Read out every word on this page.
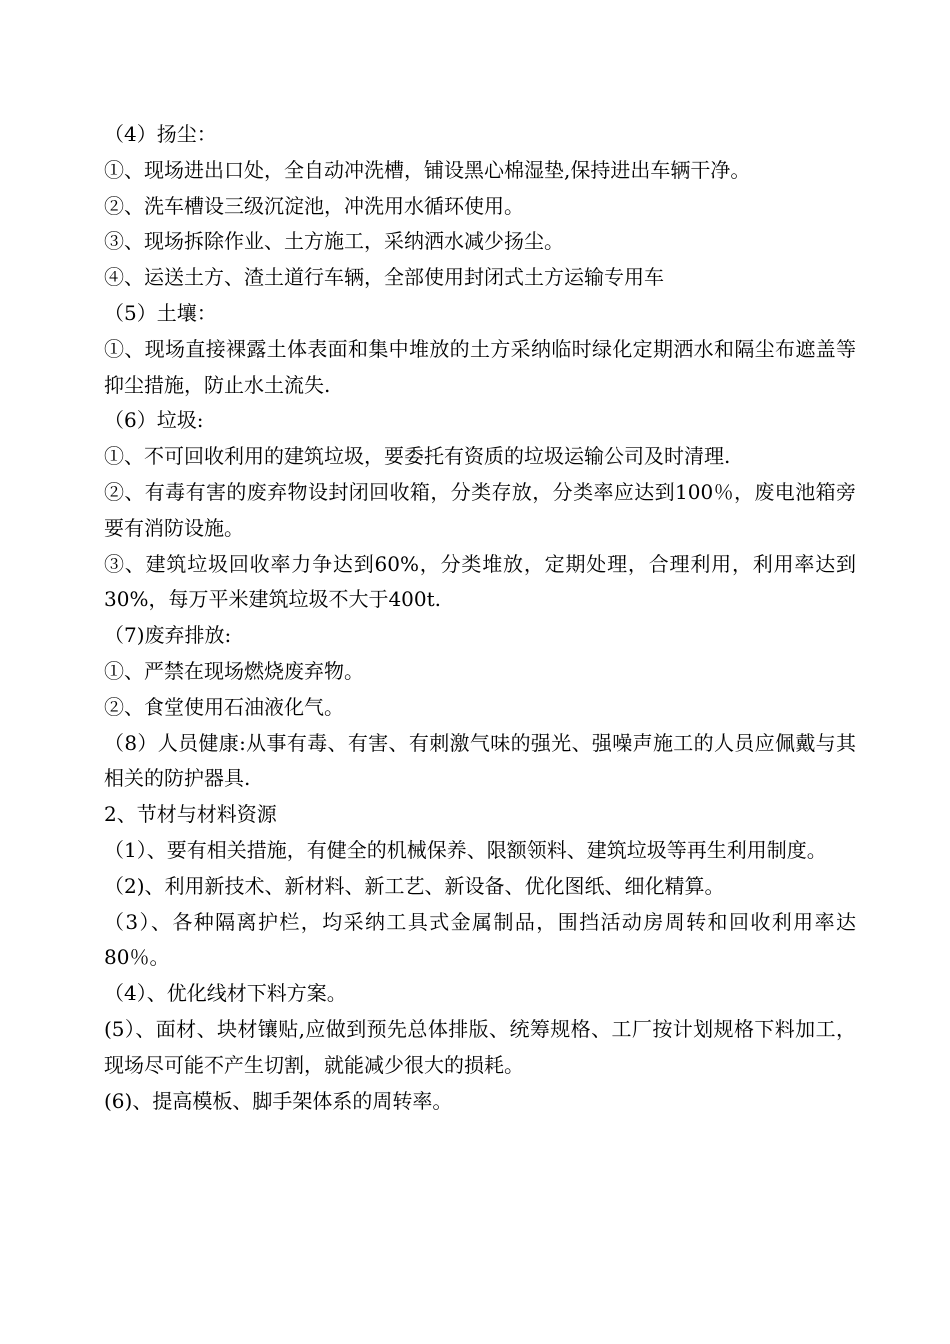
（4）扬尘：

①、现场进出口处，全自动冲洗槽，铺设黑心棉湿垫,保持进出车辆干净。

②、洗车槽设三级沉淀池，冲洗用水循环使用。

③、现场拆除作业、土方施工，采纳洒水减少扬尘。

④、运送土方、渣土道行车辆，全部使用封闭式土方运输专用车

（5）土壤：

①、现场直接裸露土体表面和集中堆放的土方采纳临时绿化定期洒水和隔尘布遮盖等抑尘措施，防止水土流失.

（6）垃圾:

①、不可回收利用的建筑垃圾，要委托有资质的垃圾运输公司及时清理.

②、有毒有害的废弃物设封闭回收箱，分类存放，分类率应达到100％，废电池箱旁要有消防设施。

③、建筑垃圾回收率力争达到60%，分类堆放，定期处理，合理利用，利用率达到30%，每万平米建筑垃圾不大于400t.

（7)废弃排放:

①、严禁在现场燃烧废弃物。

②、食堂使用石油液化气。

（8）人员健康:从事有毒、有害、有刺激气味的强光、强噪声施工的人员应佩戴与其相关的防护器具.

2、节材与材料资源

（1）、要有相关措施，有健全的机械保养、限额领料、建筑垃圾等再生利用制度。

（2)、利用新技术、新材料、新工艺、新设备、优化图纸、细化精算。

（3）、各种隔离护栏，均采纳工具式金属制品，围挡活动房周转和回收利用率达80％。

（4）、优化线材下料方案。

(5）、面材、块材镶贴,应做到预先总体排版、统筹规格、工厂按计划规格下料加工，现场尽可能不产生切割，就能减少很大的损耗。

(6)、提高模板、脚手架体系的周转率。
